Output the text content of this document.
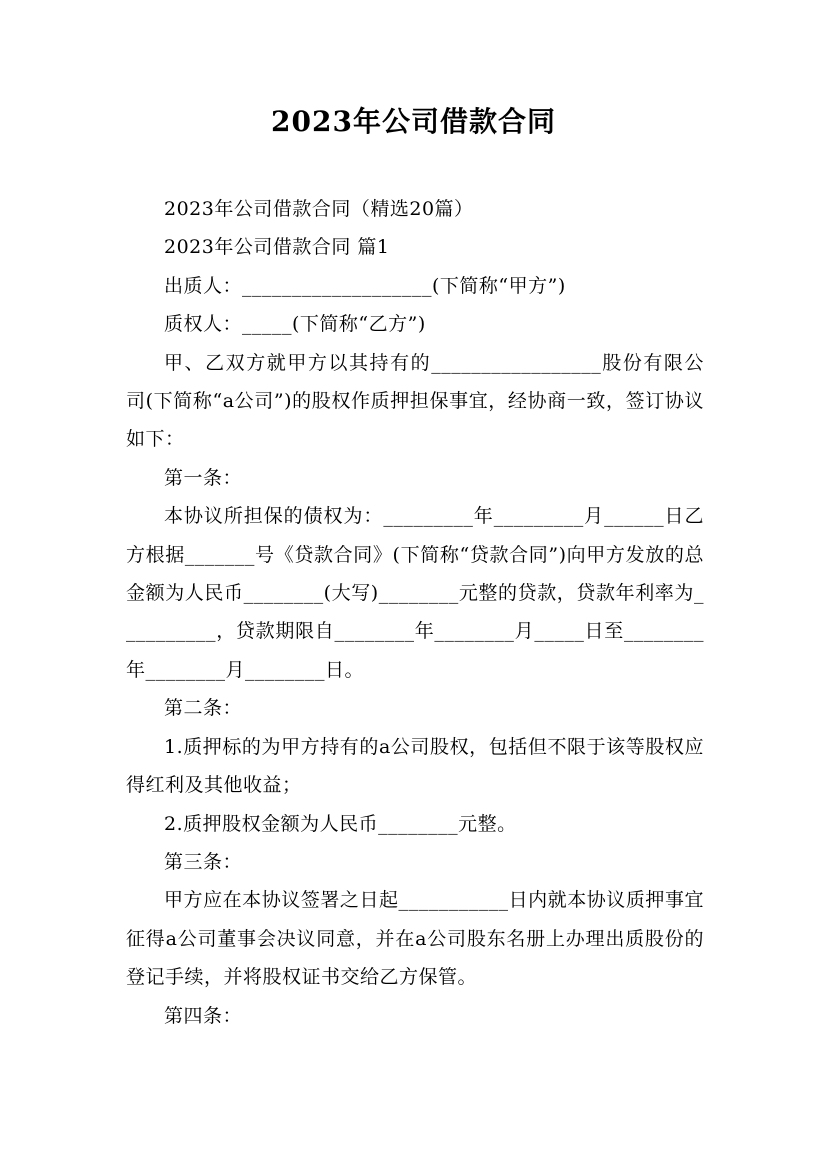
2023年公司借款合同

2023年公司借款合同（精选20篇）

2023年公司借款合同 篇1

出质人：___________________(下简称“甲方”)

质权人：_____(下简称“乙方”)

甲、乙双方就甲方以其持有的_________________股份有限公司(下简称“a公司”)的股权作质押担保事宜，经协商一致，签订协议如下：

第一条：

本协议所担保的债权为：_________年_________月______日乙方根据_______号《贷款合同》(下简称“贷款合同”)向甲方发放的总金额为人民币________(大写)________元整的贷款，贷款年利率为__________，贷款期限自________年________月_____日至________年________月________日。

第二条：

1.质押标的为甲方持有的a公司股权，包括但不限于该等股权应得红利及其他收益；

2.质押股权金额为人民币________元整。

第三条：

甲方应在本协议签署之日起___________日内就本协议质押事宜征得a公司董事会决议同意，并在a公司股东名册上办理出质股份的登记手续，并将股权证书交给乙方保管。

第四条：
